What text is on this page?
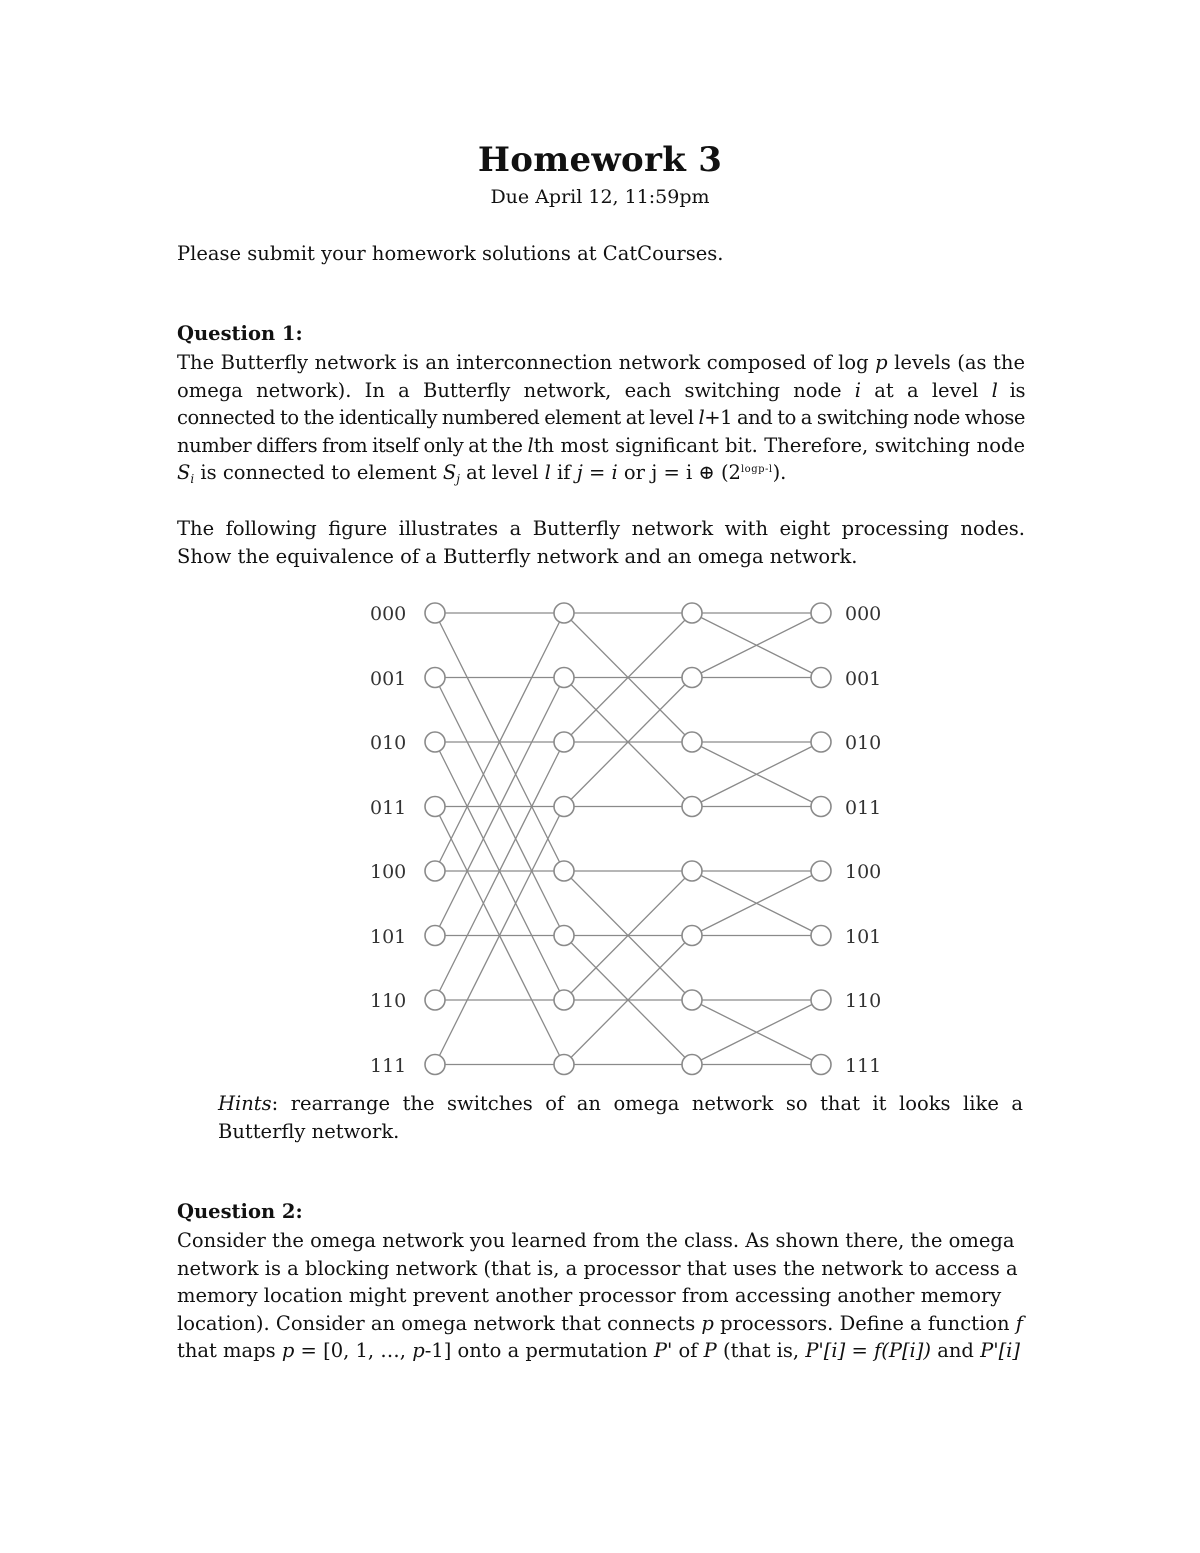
Homework 3
Due April 12, 11:59pm
Please submit your homework solutions at CatCourses.
Question 1:
The Butterfly network is an interconnection network composed of log p levels (as the omega network). In a Butterfly network, each switching node i at a level l is connected to the identically numbered element at level l+1 and to a switching node whose number differs from itself only at the lth most significant bit. Therefore, switching node $S_i$ is connected to element $S_j$ at level l if j = i or j = i ⊕ $(2^{logp-l})$.
The following figure illustrates a Butterfly network with eight processing nodes. Show the equivalence of a Butterfly network and an omega network.
000
001
010
011
100
101
110
111
000
001
010
011
100
101
110
111
Hints: rearrange the switches of an omega network so that it looks like a Butterfly network.
Question 2:
Consider the omega network you learned from the class. As shown there, the omega network is a blocking network (that is, a processor that uses the network to access a memory location might prevent another processor from accessing another memory location). Consider an omega network that connects p processors. Define a function f that maps p = [0, 1, …, p-1] onto a permutation P' of P (that is, P'[i] = f(P[i]) and P'[i]
